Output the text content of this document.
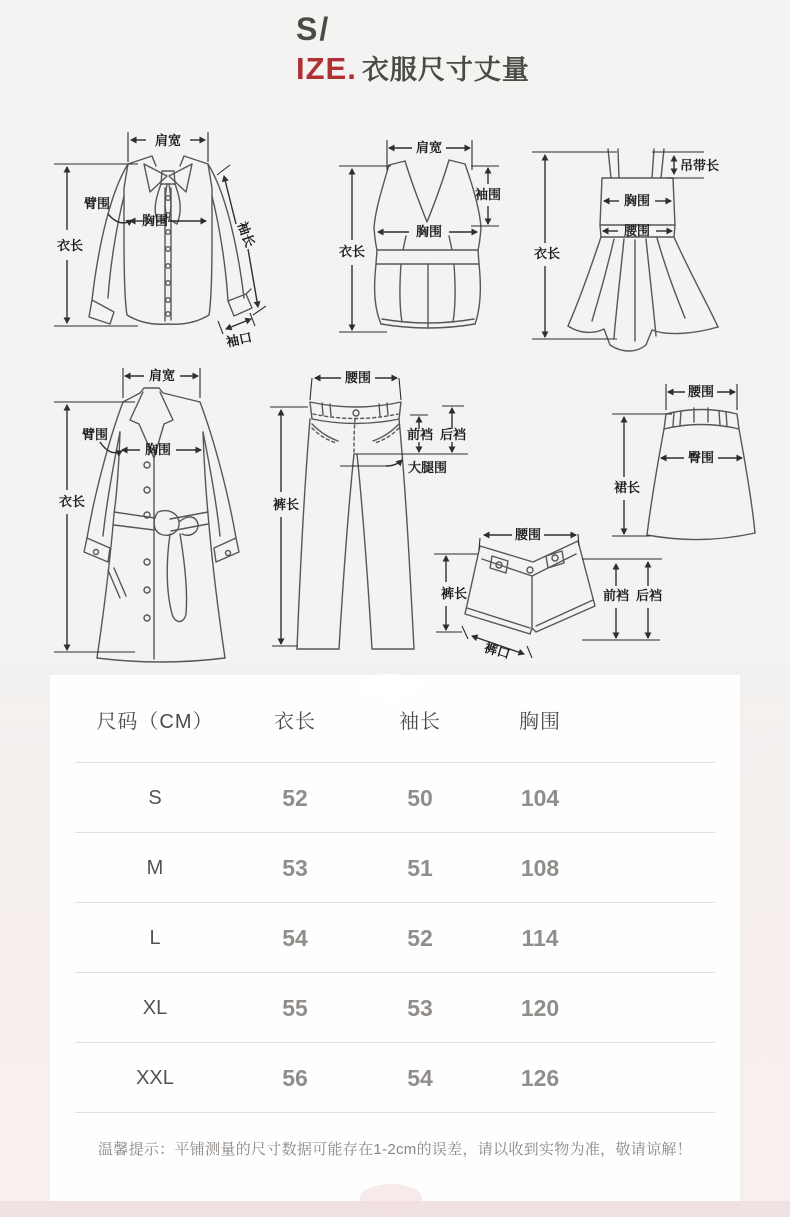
S/
IZE. 衣服尺寸丈量
肩宽
衣长
胸围
臂围
袖长
袖口
肩宽
袖围
胸围
衣长
吊带长
胸围
腰围
衣长
肩宽
衣长
臂围
胸围
腰围
裤长
前裆 后裆
大腿围
腰围
臀围
裙长
腰围
裤长	前裆 后裆
裤口
尺码（CM）	衣长	袖长	胸围
S	52	50	104
M	53	51	108
L	54	52	114
XL	55	53	120
XXL	56	54	126
温馨提示：平铺测量的尺寸数据可能存在1-2cm的误差，请以收到实物为准，敬请谅解！
